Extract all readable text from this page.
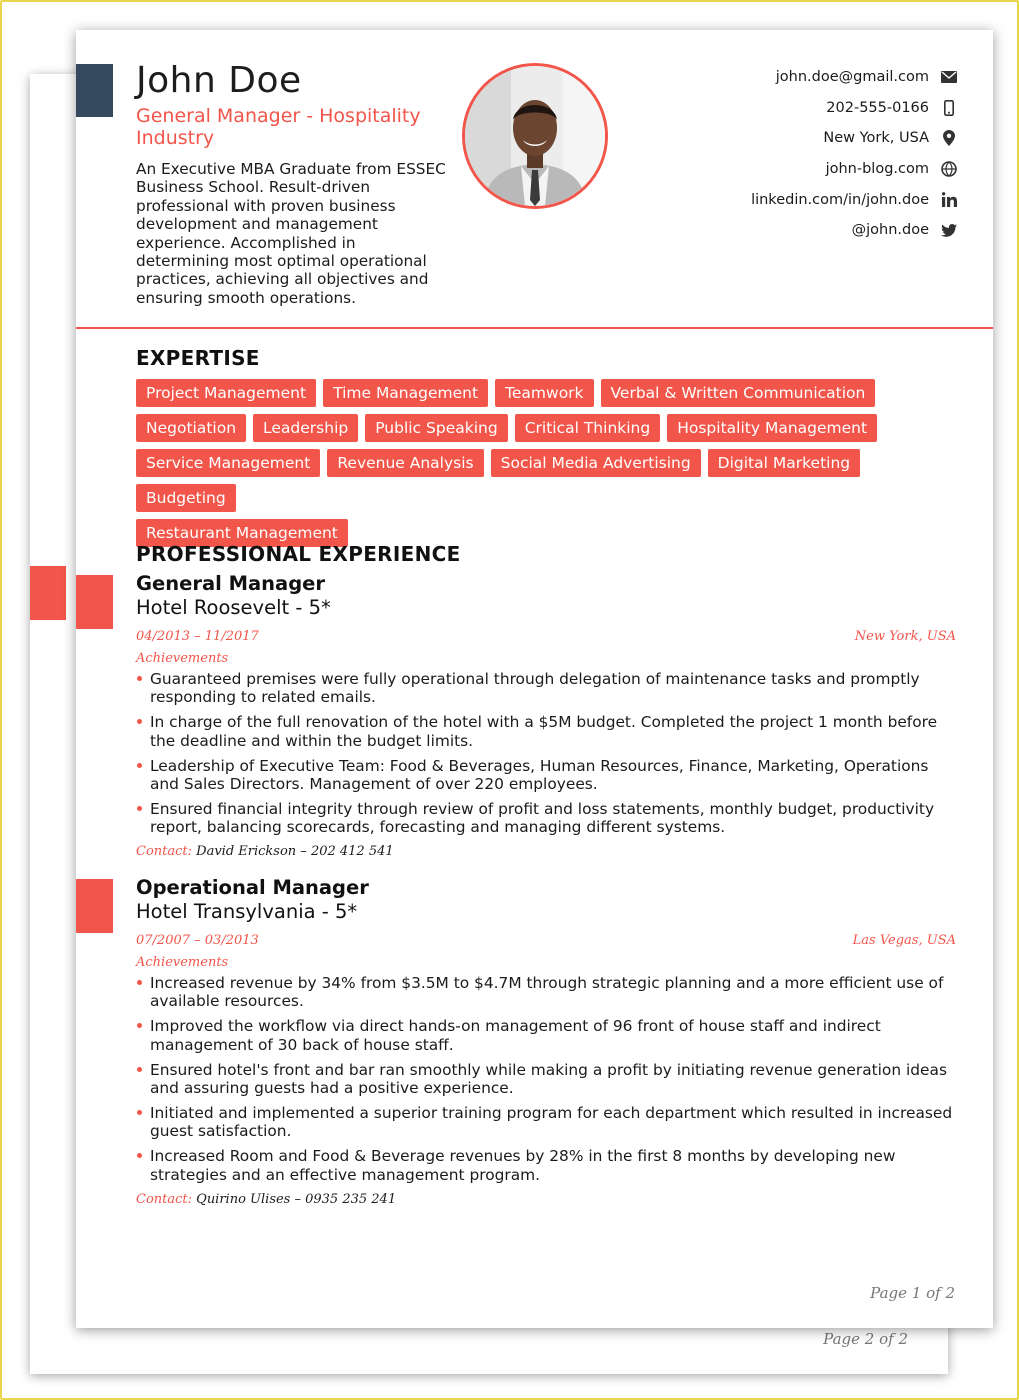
Page 2 of 2
John Doe
General Manager - Hospitality Industry

An Executive MBA Graduate from ESSEC Business School. Result-driven professional with proven business development and management experience. Accomplished in determining most optimal operational practices, achieving all objectives and ensuring smooth operations.

john.doe@gmail.com
202-555-0166
New York, USA
john-blog.com
linkedin.com/in/john.doe
@john.doe
EXPERTISE
Project Management	Time Management	Teamwork	Verbal & Written Communication
Negotiation	Leadership	Public Speaking	Critical Thinking	Hospitality Management
Service Management	Revenue Analysis	Social Media Advertising	Digital Marketing
Budgeting
Restaurant Management
PROFESSIONAL EXPERIENCE
General Manager
Hotel Roosevelt - 5*
04/2013 – 11/2017	New York, USA
Achievements
Guaranteed premises were fully operational through delegation of maintenance tasks and promptly responding to related emails.
In charge of the full renovation of the hotel with a $5M budget. Completed the project 1 month before the deadline and within the budget limits.
Leadership of Executive Team: Food & Beverages, Human Resources, Finance, Marketing, Operations and Sales Directors. Management of over 220 employees.
Ensured financial integrity through review of profit and loss statements, monthly budget, productivity report, balancing scorecards, forecasting and managing different systems.
Contact: David Erickson – 202 412 541
Operational Manager
Hotel Transylvania - 5*
07/2007 – 03/2013	Las Vegas, USA
Achievements
Increased revenue by 34% from $3.5M to $4.7M through strategic planning and a more efficient use of available resources.
Improved the workflow via direct hands-on management of 96 front of house staff and indirect management of 30 back of house staff.
Ensured hotel's front and bar ran smoothly while making a profit by initiating revenue generation ideas and assuring guests had a positive experience.
Initiated and implemented a superior training program for each department which resulted in increased guest satisfaction.
Increased Room and Food & Beverage revenues by 28% in the first 8 months by developing new strategies and an effective management program.
Contact: Quirino Ulises – 0935 235 241
Page 1 of 2
